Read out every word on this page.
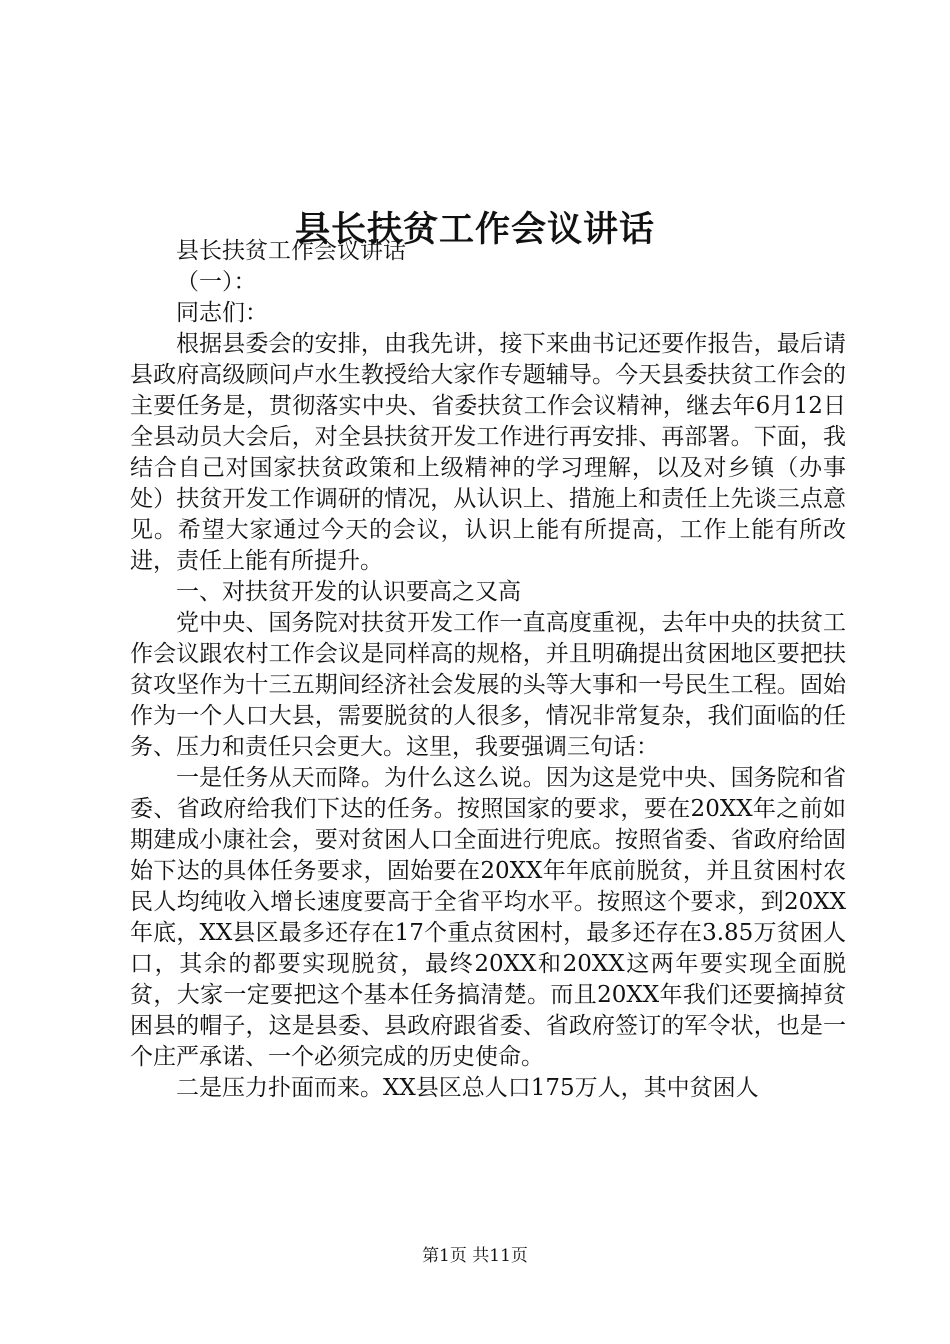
县长扶贫工作会议讲话

县长扶贫工作会议讲话

（一）：

同志们：

根据县委会的安排，由我先讲，接下来曲书记还要作报告，最后请县政府高级顾问卢水生教授给大家作专题辅导。今天县委扶贫工作会的主要任务是，贯彻落实中央、省委扶贫工作会议精神，继去年6月12日全县动员大会后，对全县扶贫开发工作进行再安排、再部署。下面，我结合自己对国家扶贫政策和上级精神的学习理解，以及对乡镇（办事处）扶贫开发工作调研的情况，从认识上、措施上和责任上先谈三点意见。希望大家通过今天的会议，认识上能有所提高，工作上能有所改进，责任上能有所提升。

一、对扶贫开发的认识要高之又高

党中央、国务院对扶贫开发工作一直高度重视，去年中央的扶贫工作会议跟农村工作会议是同样高的规格，并且明确提出贫困地区要把扶贫攻坚作为十三五期间经济社会发展的头等大事和一号民生工程。固始作为一个人口大县，需要脱贫的人很多，情况非常复杂，我们面临的任务、压力和责任只会更大。这里，我要强调三句话：

一是任务从天而降。为什么这么说。因为这是党中央、国务院和省委、省政府给我们下达的任务。按照国家的要求，要在20XX年之前如期建成小康社会，要对贫困人口全面进行兜底。按照省委、省政府给固始下达的具体任务要求，固始要在20XX年年底前脱贫，并且贫困村农民人均纯收入增长速度要高于全省平均水平。按照这个要求，到20XX年底，XX县区最多还存在17个重点贫困村，最多还存在3.85万贫困人口，其余的都要实现脱贫，最终20XX和20XX这两年要实现全面脱贫，大家一定要把这个基本任务搞清楚。而且20XX年我们还要摘掉贫困县的帽子，这是县委、县政府跟省委、省政府签订的军令状，也是一个庄严承诺、一个必须完成的历史使命。

二是压力扑面而来。XX县区总人口175万人，其中贫困人

第1页 共11页
